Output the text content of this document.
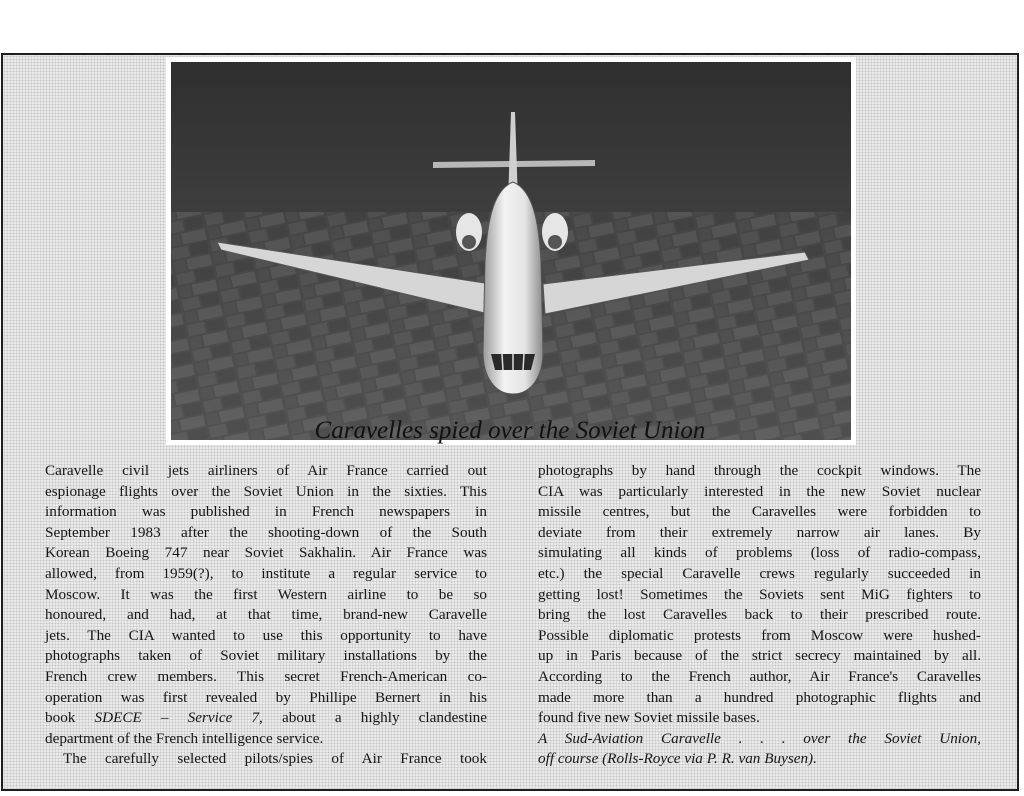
Caravelles spied over the Soviet Union
Caravelle civil jets airliners of Air France carried out
espionage flights over the Soviet Union in the sixties. This
information was published in French newspapers in
September 1983 after the shooting-down of the South
Korean Boeing 747 near Soviet Sakhalin. Air France was
allowed, from 1959(?), to institute a regular service to
Moscow. It was the first Western airline to be so
honoured, and had, at that time, brand-new Caravelle
jets. The CIA wanted to use this opportunity to have
photographs taken of Soviet military installations by the
French crew members. This secret French-American co-
operation was first revealed by Phillipe Bernert in his
book SDECE – Service 7, about a highly clandestine
department of the French intelligence service.
The carefully selected pilots/spies of Air France took
photographs by hand through the cockpit windows. The
CIA was particularly interested in the new Soviet nuclear
missile centres, but the Caravelles were forbidden to
deviate from their extremely narrow air lanes. By
simulating all kinds of problems (loss of radio-compass,
etc.) the special Caravelle crews regularly succeeded in
getting lost! Sometimes the Soviets sent MiG fighters to
bring the lost Caravelles back to their prescribed route.
Possible diplomatic protests from Moscow were hushed-
up in Paris because of the strict secrecy maintained by all.
According to the French author, Air France's Caravelles
made more than a hundred photographic flights and
found five new Soviet missile bases.
A Sud-Aviation Caravelle . . . over the Soviet Union,
off course (Rolls-Royce via P. R. van Buysen).
